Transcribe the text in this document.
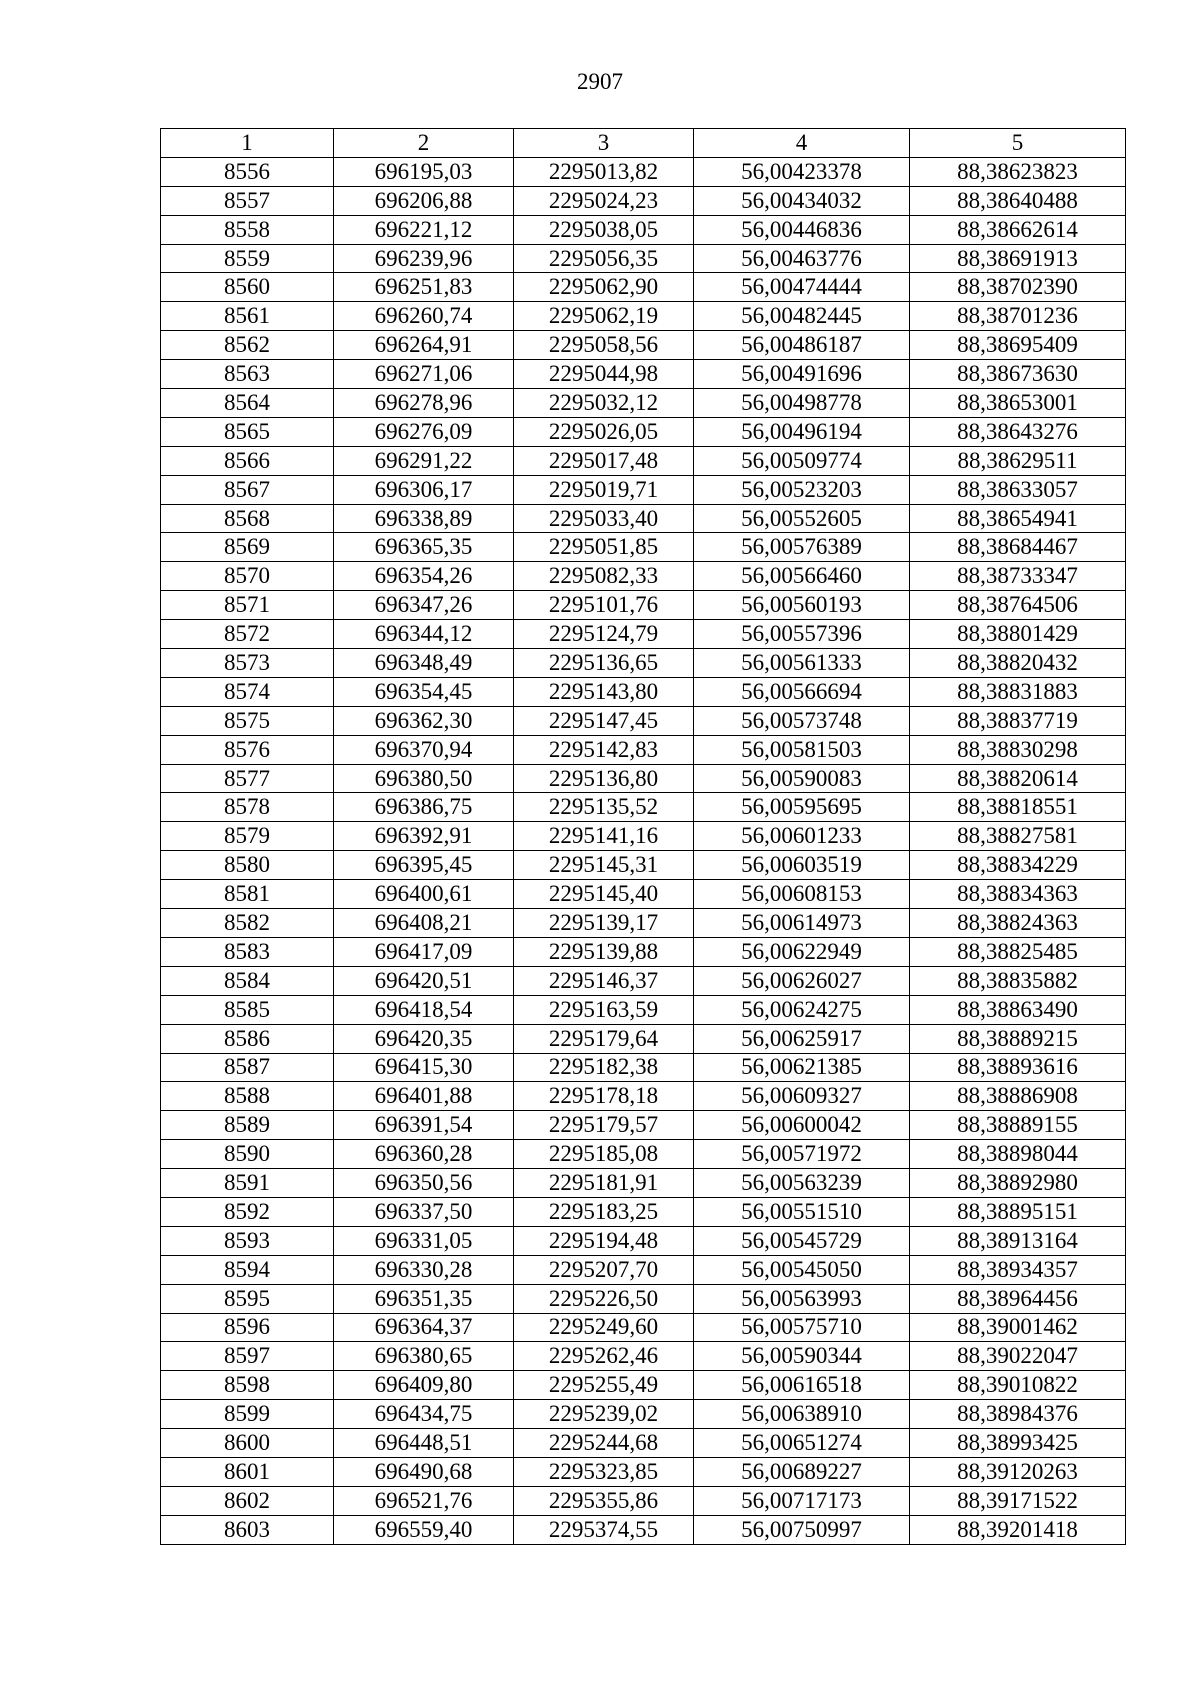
2907
1	2	3	4	5
8556	696195,03	2295013,82	56,00423378	88,38623823
8557	696206,88	2295024,23	56,00434032	88,38640488
8558	696221,12	2295038,05	56,00446836	88,38662614
8559	696239,96	2295056,35	56,00463776	88,38691913
8560	696251,83	2295062,90	56,00474444	88,38702390
8561	696260,74	2295062,19	56,00482445	88,38701236
8562	696264,91	2295058,56	56,00486187	88,38695409
8563	696271,06	2295044,98	56,00491696	88,38673630
8564	696278,96	2295032,12	56,00498778	88,38653001
8565	696276,09	2295026,05	56,00496194	88,38643276
8566	696291,22	2295017,48	56,00509774	88,38629511
8567	696306,17	2295019,71	56,00523203	88,38633057
8568	696338,89	2295033,40	56,00552605	88,38654941
8569	696365,35	2295051,85	56,00576389	88,38684467
8570	696354,26	2295082,33	56,00566460	88,38733347
8571	696347,26	2295101,76	56,00560193	88,38764506
8572	696344,12	2295124,79	56,00557396	88,38801429
8573	696348,49	2295136,65	56,00561333	88,38820432
8574	696354,45	2295143,80	56,00566694	88,38831883
8575	696362,30	2295147,45	56,00573748	88,38837719
8576	696370,94	2295142,83	56,00581503	88,38830298
8577	696380,50	2295136,80	56,00590083	88,38820614
8578	696386,75	2295135,52	56,00595695	88,38818551
8579	696392,91	2295141,16	56,00601233	88,38827581
8580	696395,45	2295145,31	56,00603519	88,38834229
8581	696400,61	2295145,40	56,00608153	88,38834363
8582	696408,21	2295139,17	56,00614973	88,38824363
8583	696417,09	2295139,88	56,00622949	88,38825485
8584	696420,51	2295146,37	56,00626027	88,38835882
8585	696418,54	2295163,59	56,00624275	88,38863490
8586	696420,35	2295179,64	56,00625917	88,38889215
8587	696415,30	2295182,38	56,00621385	88,38893616
8588	696401,88	2295178,18	56,00609327	88,38886908
8589	696391,54	2295179,57	56,00600042	88,38889155
8590	696360,28	2295185,08	56,00571972	88,38898044
8591	696350,56	2295181,91	56,00563239	88,38892980
8592	696337,50	2295183,25	56,00551510	88,38895151
8593	696331,05	2295194,48	56,00545729	88,38913164
8594	696330,28	2295207,70	56,00545050	88,38934357
8595	696351,35	2295226,50	56,00563993	88,38964456
8596	696364,37	2295249,60	56,00575710	88,39001462
8597	696380,65	2295262,46	56,00590344	88,39022047
8598	696409,80	2295255,49	56,00616518	88,39010822
8599	696434,75	2295239,02	56,00638910	88,38984376
8600	696448,51	2295244,68	56,00651274	88,38993425
8601	696490,68	2295323,85	56,00689227	88,39120263
8602	696521,76	2295355,86	56,00717173	88,39171522
8603	696559,40	2295374,55	56,00750997	88,39201418
